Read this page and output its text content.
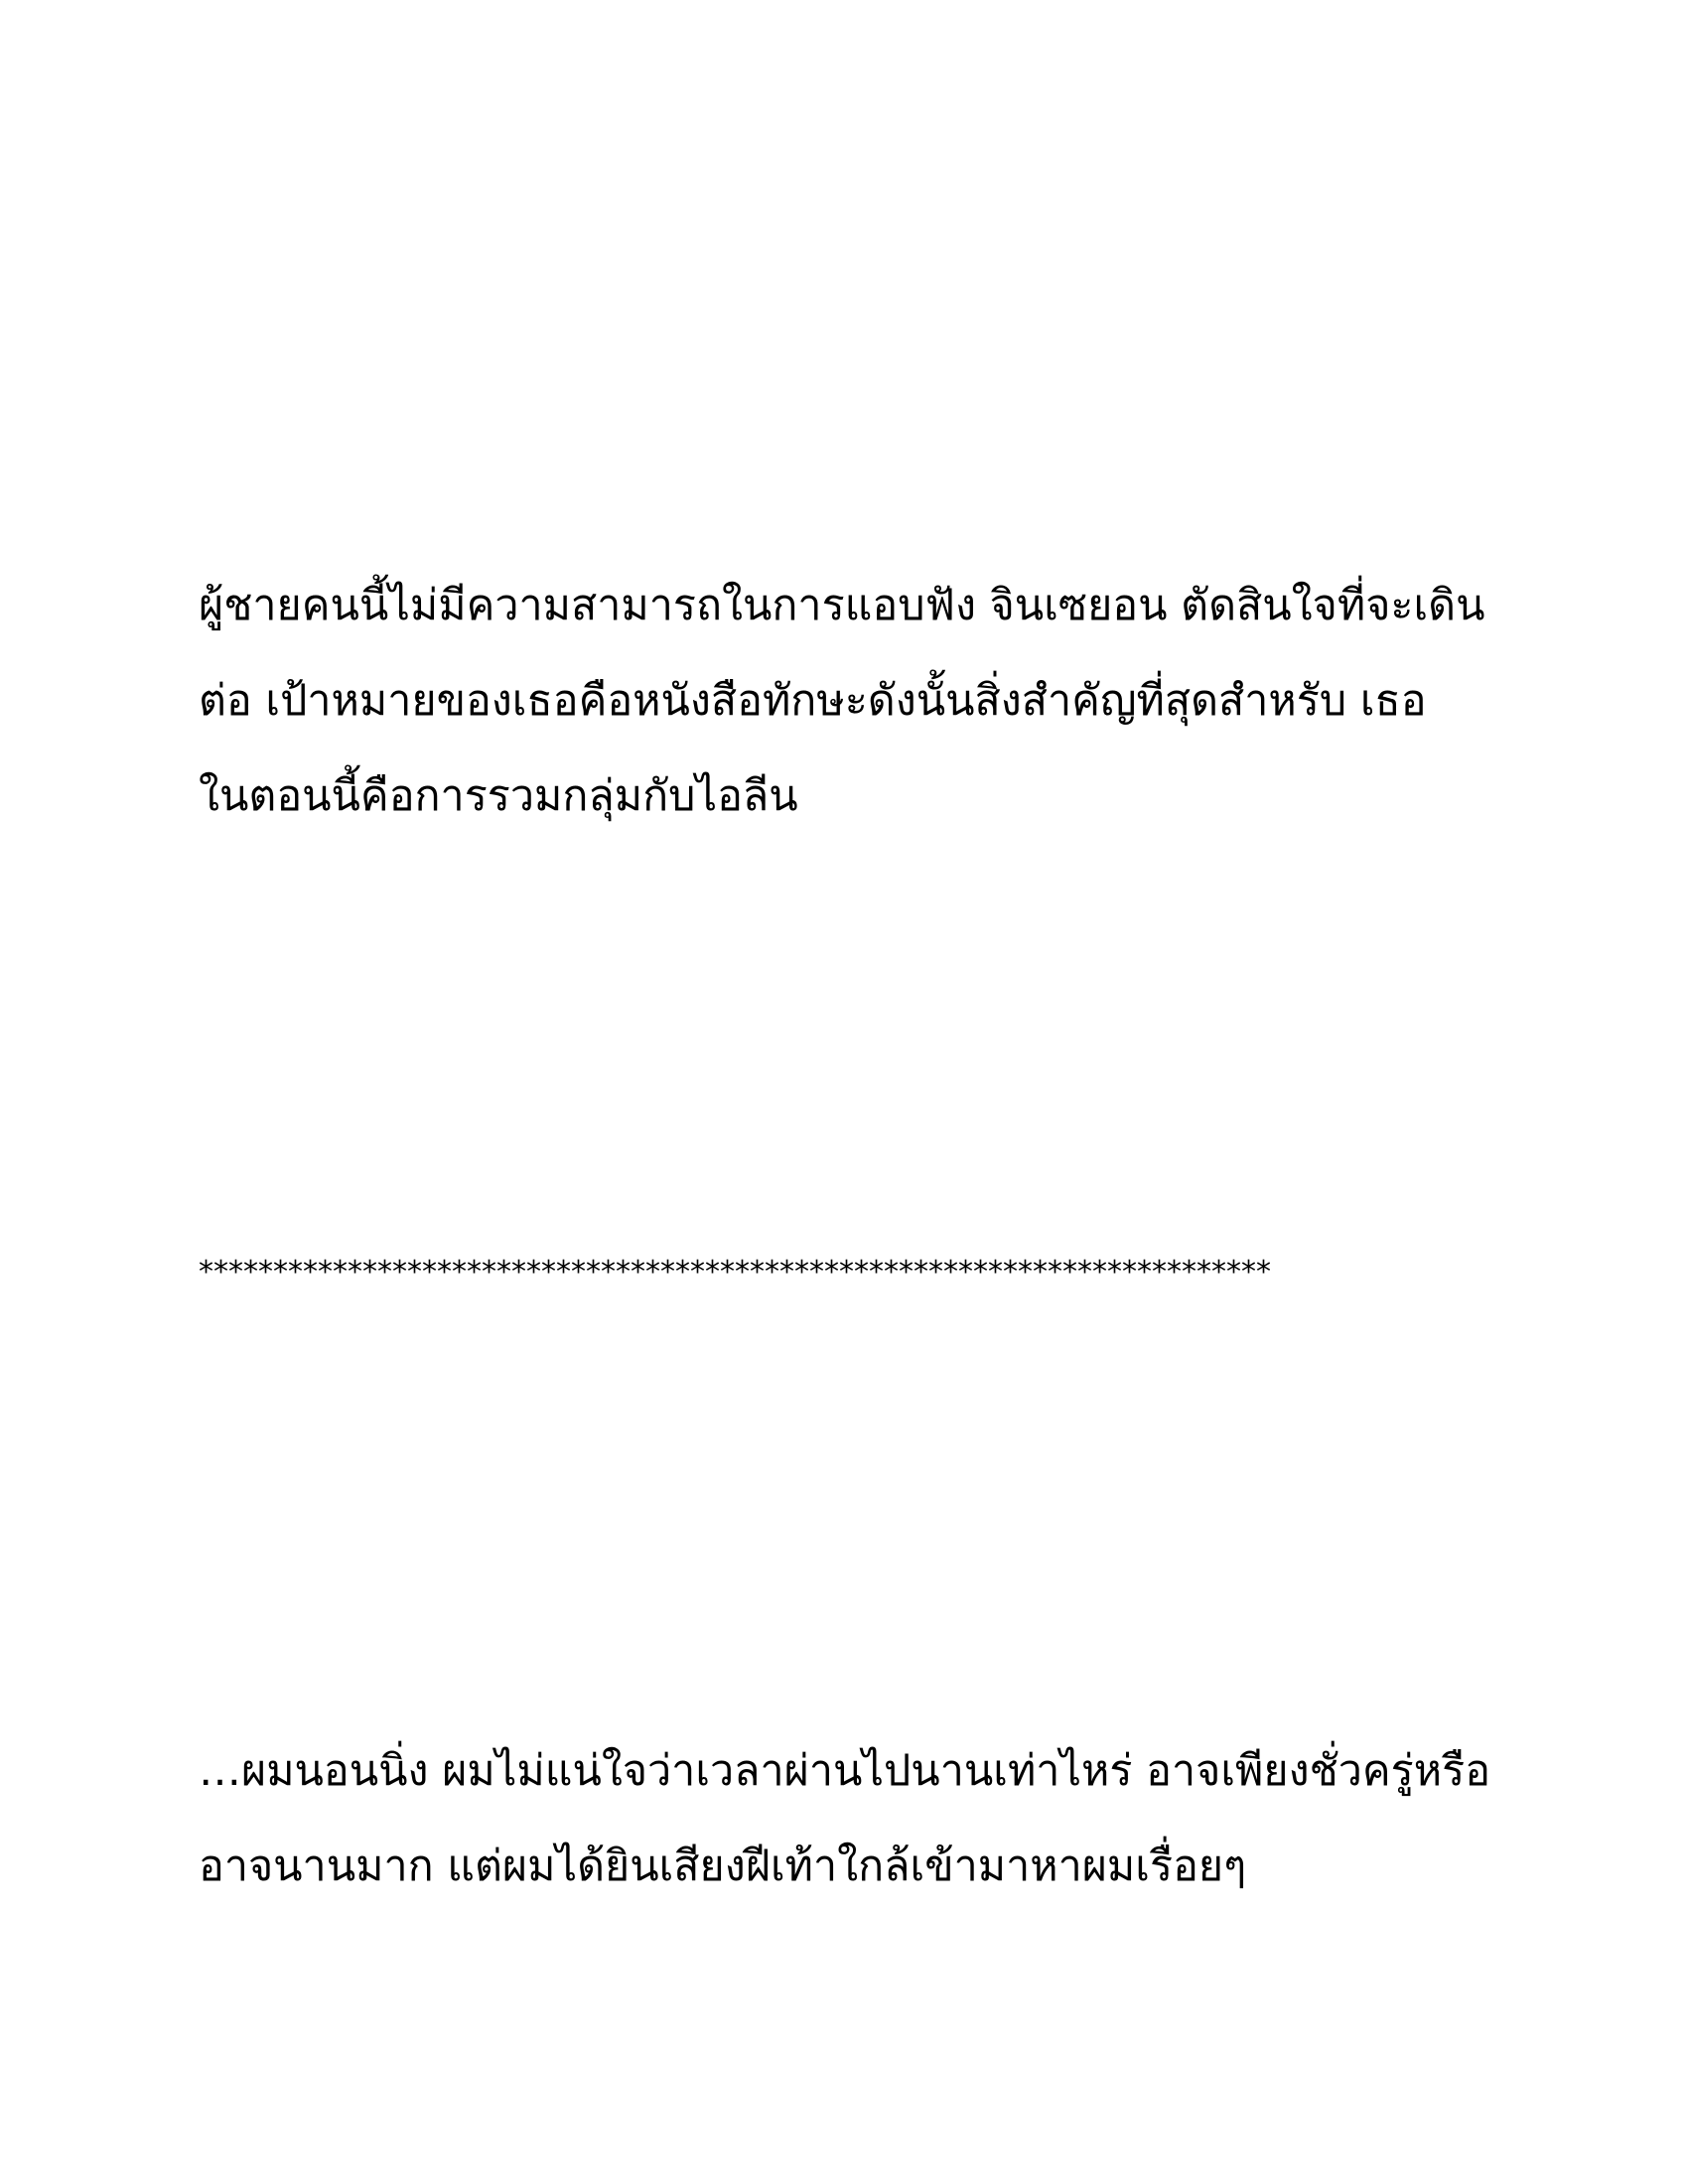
ผู้ชายคนนี้ไม่มีความสามารถในการแอบฟัง จินเซยอน ตัดสินใจที่จะเดิน
ต่อ เป้าหมายของเธอคือหนังสือทักษะดังนั้นสิ่งสำคัญที่สุดสำหรับ เธอ
ในตอนนี้คือการรวมกลุ่มกับไอลีน
************************************************************************
…ผมนอนนิ่ง ผมไม่แน่ใจว่าเวลาผ่านไปนานเท่าไหร่ อาจเพียงชั่วครู่หรือ
อาจนานมาก แต่ผมได้ยินเสียงฝีเท้าใกล้เข้ามาหาผมเรื่อยๆ
